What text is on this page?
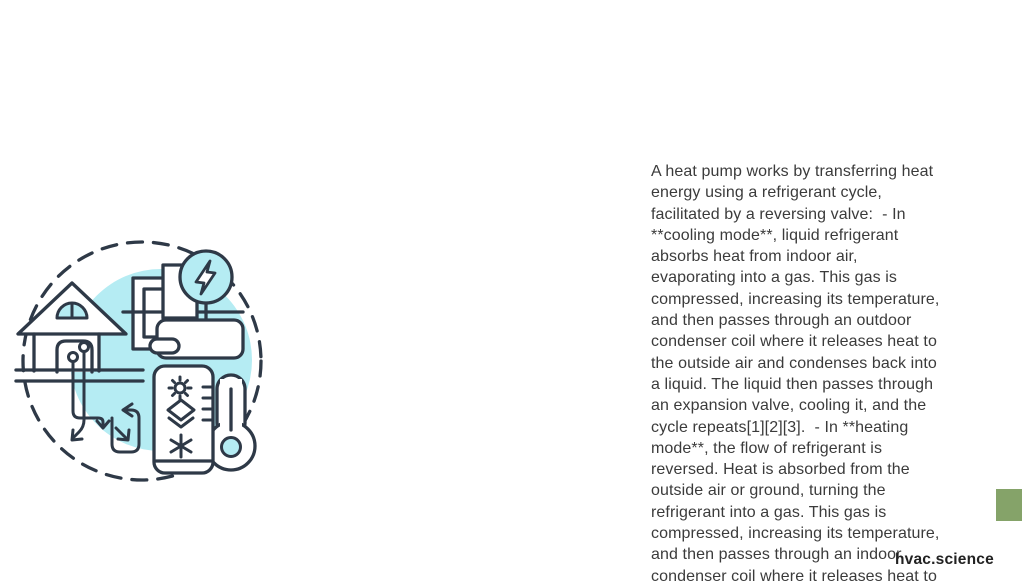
A heat pump works by transferring heat
energy using a refrigerant cycle,
facilitated by a reversing valve:  - In
**cooling mode**, liquid refrigerant
absorbs heat from indoor air,
evaporating into a gas. This gas is
compressed, increasing its temperature,
and then passes through an outdoor
condenser coil where it releases heat to
the outside air and condenses back into
a liquid. The liquid then passes through
an expansion valve, cooling it, and the
cycle repeats[1][2][3].  - In **heating
mode**, the flow of refrigerant is
reversed. Heat is absorbed from the
outside air or ground, turning the
refrigerant into a gas. This gas is
compressed, increasing its temperature,
and then passes through an indoor
condenser coil where it releases heat to
hvac.science
